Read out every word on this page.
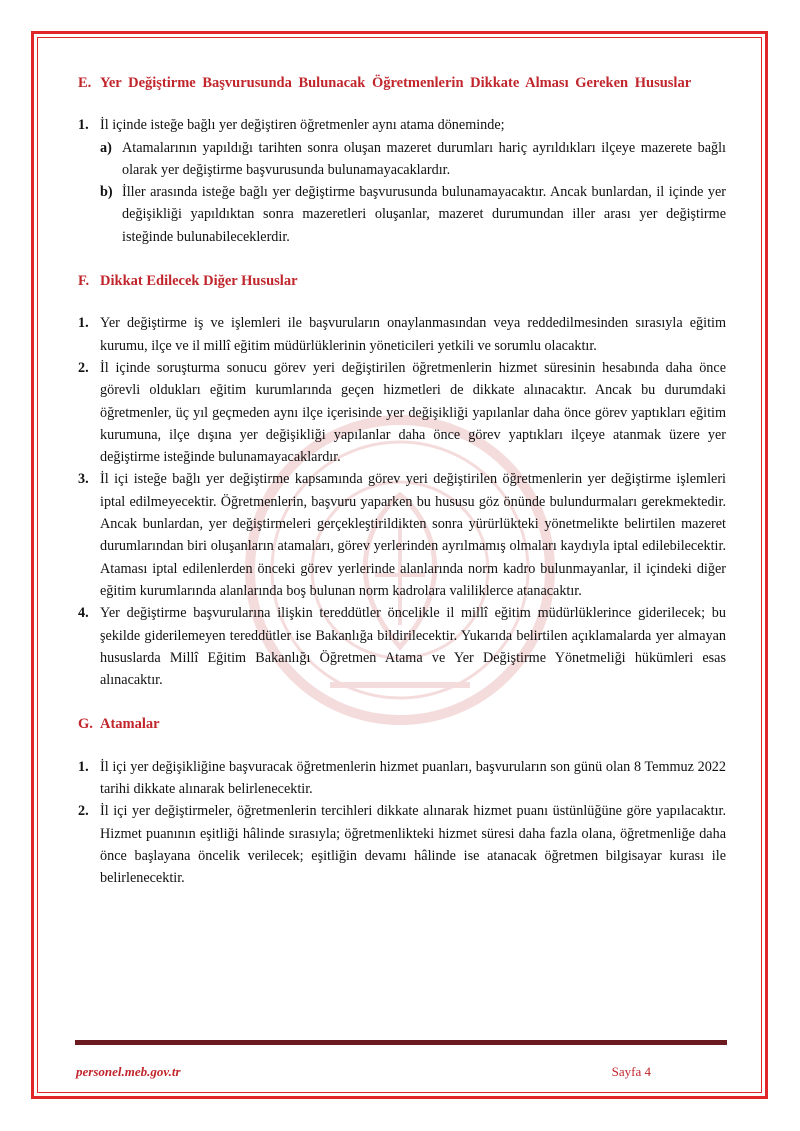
E. Yer Değiştirme Başvurusunda Bulunacak Öğretmenlerin Dikkate Alması Gereken Hususlar
1. İl içinde isteğe bağlı yer değiştiren öğretmenler aynı atama döneminde;
a) Atamalarının yapıldığı tarihten sonra oluşan mazeret durumları hariç ayrıldıkları ilçeye mazerete bağlı olarak yer değiştirme başvurusunda bulunamayacaklardır.
b) İller arasında isteğe bağlı yer değiştirme başvurusunda bulunamayacaktır. Ancak bunlardan, il içinde yer değişikliği yapıldıktan sonra mazeretleri oluşanlar, mazeret durumundan iller arası yer değiştirme isteğinde bulunabileceklerdir.
F. Dikkat Edilecek Diğer Hususlar
1. Yer değiştirme iş ve işlemleri ile başvuruların onaylanmasından veya reddedilmesinden sırasıyla eğitim kurumu, ilçe ve il millî eğitim müdürlüklerinin yöneticileri yetkili ve sorumlu olacaktır.
2. İl içinde soruşturma sonucu görev yeri değiştirilen öğretmenlerin hizmet süresinin hesabında daha önce görevli oldukları eğitim kurumlarında geçen hizmetleri de dikkate alınacaktır. Ancak bu durumdaki öğretmenler, üç yıl geçmeden aynı ilçe içerisinde yer değişikliği yapılanlar daha önce görev yaptıkları eğitim kurumuna, ilçe dışına yer değişikliği yapılanlar daha önce görev yaptıkları ilçeye atanmak üzere yer değiştirme isteğinde bulunamayacaklardır.
3. İl içi isteğe bağlı yer değiştirme kapsamında görev yeri değiştirilen öğretmenlerin yer değiştirme işlemleri iptal edilmeyecektir. Öğretmenlerin, başvuru yaparken bu hususu göz önünde bulundurmaları gerekmektedir. Ancak bunlardan, yer değiştirmeleri gerçekleştirildikten sonra yürürlükteki yönetmelikte belirtilen mazeret durumlarından biri oluşanların atamaları, görev yerlerinden ayrılmamış olmaları kaydıyla iptal edilebilecektir. Ataması iptal edilenlerden önceki görev yerlerinde alanlarında norm kadro bulunmayanlar, il içindeki diğer eğitim kurumlarında alanlarında boş bulunan norm kadrolara valiliklerce atanacaktır.
4. Yer değiştirme başvurularına ilişkin tereddütler öncelikle il millî eğitim müdürlüklerince giderilecek; bu şekilde giderilemeyen tereddütler ise Bakanlığa bildirilecektir. Yukarıda belirtilen açıklamalarda yer almayan hususlarda Millî Eğitim Bakanlığı Öğretmen Atama ve Yer Değiştirme Yönetmeliği hükümleri esas alınacaktır.
G. Atamalar
1. İl içi yer değişikliğine başvuracak öğretmenlerin hizmet puanları, başvuruların son günü olan 8 Temmuz 2022 tarihi dikkate alınarak belirlenecektir.
2. İl içi yer değiştirmeler, öğretmenlerin tercihleri dikkate alınarak hizmet puanı üstünlüğüne göre yapılacaktır. Hizmet puanının eşitliği hâlinde sırasıyla; öğretmenlikteki hizmet süresi daha fazla olana, öğretmenliğe daha önce başlayana öncelik verilecek; eşitliğin devamı hâlinde ise atanacak öğretmen bilgisayar kurası ile belirlenecektir.
personel.meb.gov.tr	Sayfa 4
